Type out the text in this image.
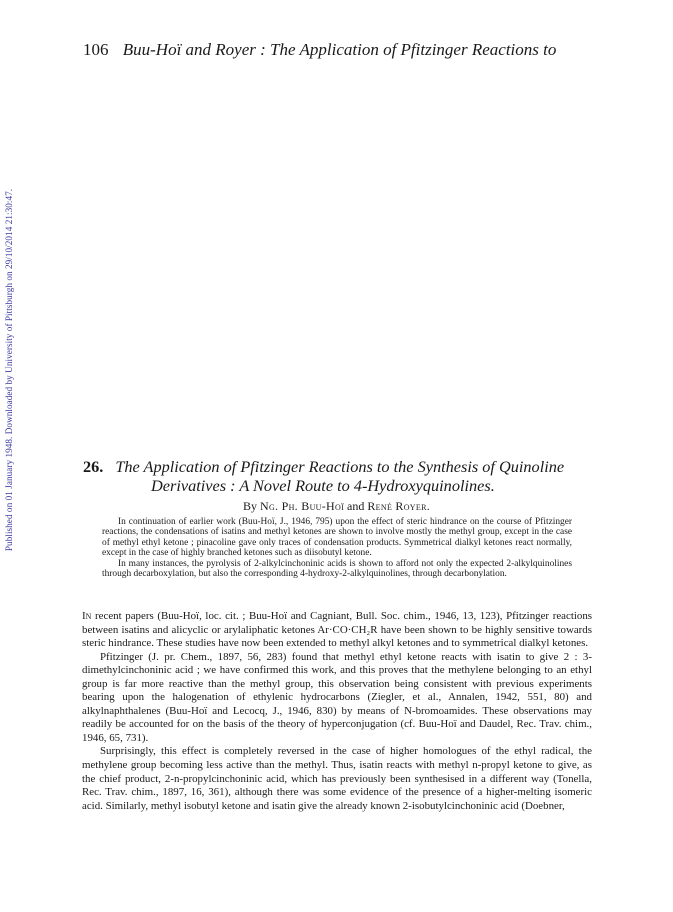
Published on 01 January 1948. Downloaded by University of Pittsburgh on 29/10/2014 21:30:47.
106 Buu-Hoï and Royer : The Application of Pfitzinger Reactions to
26. The Application of Pfitzinger Reactions to the Synthesis of Quinoline
Derivatives : A Novel Route to 4-Hydroxyquinolines.
By Ng. Ph. Buu-Hoï and René Royer.

In continuation of earlier work (Buu-Hoï, J., 1946, 795) upon the effect of steric hindrance on the course of Pfitzinger reactions, the condensations of isatins and methyl ketones are shown to involve mostly the methyl group, except in the case of methyl ethyl ketone ; pinacoline gave only traces of condensation products. Symmetrical dialkyl ketones react normally, except in the case of highly branched ketones such as diisobutyl ketone.

In many instances, the pyrolysis of 2-alkylcinchoninic acids is shown to afford not only the expected 2-alkylquinolines through decarboxylation, but also the corresponding 4-hydroxy-2-alkylquinolines, through decarbonylation.

In recent papers (Buu-Hoï, loc. cit. ; Buu-Hoï and Cagniant, Bull. Soc. chim., 1946, 13, 123), Pfitzinger reactions between isatins and alicyclic or arylaliphatic ketones Ar·CO·CH₂R have been shown to be highly sensitive towards steric hindrance. These studies have now been extended to methyl alkyl ketones and to symmetrical dialkyl ketones.

Pfitzinger (J. pr. Chem., 1897, 56, 283) found that methyl ethyl ketone reacts with isatin to give 2 : 3-dimethylcinchoninic acid ; we have confirmed this work, and this proves that the methylene belonging to an ethyl group is far more reactive than the methyl group, this observation being consistent with previous experiments bearing upon the halogenation of ethylenic hydrocarbons (Ziegler, et al., Annalen, 1942, 551, 80) and alkylnaphthalenes (Buu-Hoï and Lecocq, J., 1946, 830) by means of N-bromoamides. These observations may readily be accounted for on the basis of the theory of hyperconjugation (cf. Buu-Hoï and Daudel, Rec. Trav. chim., 1946, 65, 731).

Surprisingly, this effect is completely reversed in the case of higher homologues of the ethyl radical, the methylene group becoming less active than the methyl. Thus, isatin reacts with methyl n-propyl ketone to give, as the chief product, 2-n-propylcinchoninic acid, which has previously been synthesised in a different way (Tonella, Rec. Trav. chim., 1897, 16, 361), although there was some evidence of the presence of a higher-melting isomeric acid. Similarly, methyl isobutyl ketone and isatin give the already known 2-isobutylcinchoninic acid (Doebner,
